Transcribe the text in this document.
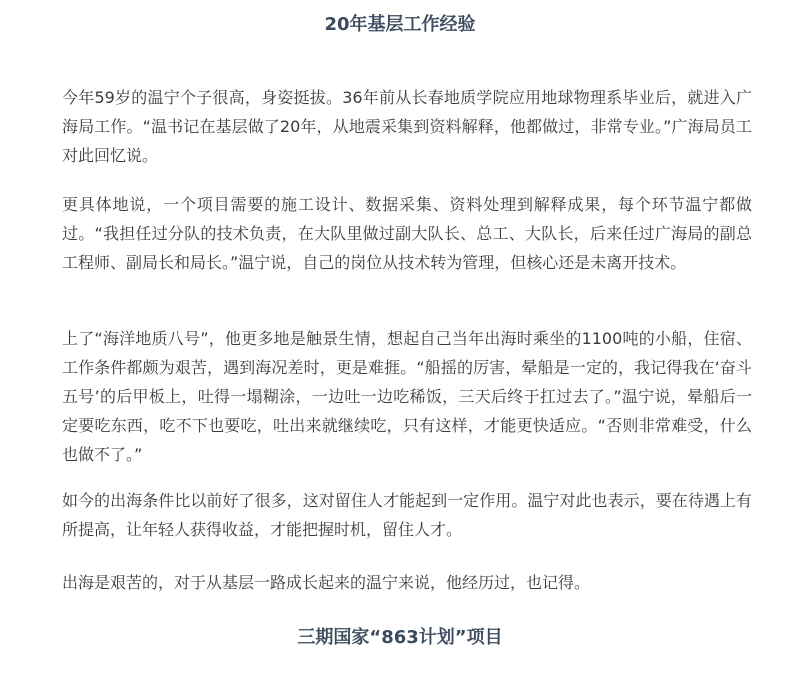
20年基层工作经验

今年59岁的温宁个子很高，身姿挺拔。36年前从长春地质学院应用地球物理系毕业后，就进入广海局工作。“温书记在基层做了20年，从地震采集到资料解释，他都做过，非常专业。”广海局员工对此回忆说。

更具体地说，一个项目需要的施工设计、数据采集、资料处理到解释成果，每个环节温宁都做过。“我担任过分队的技术负责，在大队里做过副大队长、总工、大队长，后来任过广海局的副总工程师、副局长和局长。”温宁说，自己的岗位从技术转为管理，但核心还是未离开技术。

上了“海洋地质八号”，他更多地是触景生情，想起自己当年出海时乘坐的1100吨的小船，住宿、工作条件都颇为艰苦，遇到海况差时，更是难捱。“船摇的厉害，晕船是一定的，我记得我在‘奋斗五号’的后甲板上，吐得一塌糊涂，一边吐一边吃稀饭，三天后终于扛过去了。”温宁说，晕船后一定要吃东西，吃不下也要吃，吐出来就继续吃，只有这样，才能更快适应。“否则非常难受，什么也做不了。”

如今的出海条件比以前好了很多，这对留住人才能起到一定作用。温宁对此也表示，要在待遇上有所提高，让年轻人获得收益，才能把握时机，留住人才。

出海是艰苦的，对于从基层一路成长起来的温宁来说，他经历过，也记得。

三期国家“863计划”项目
